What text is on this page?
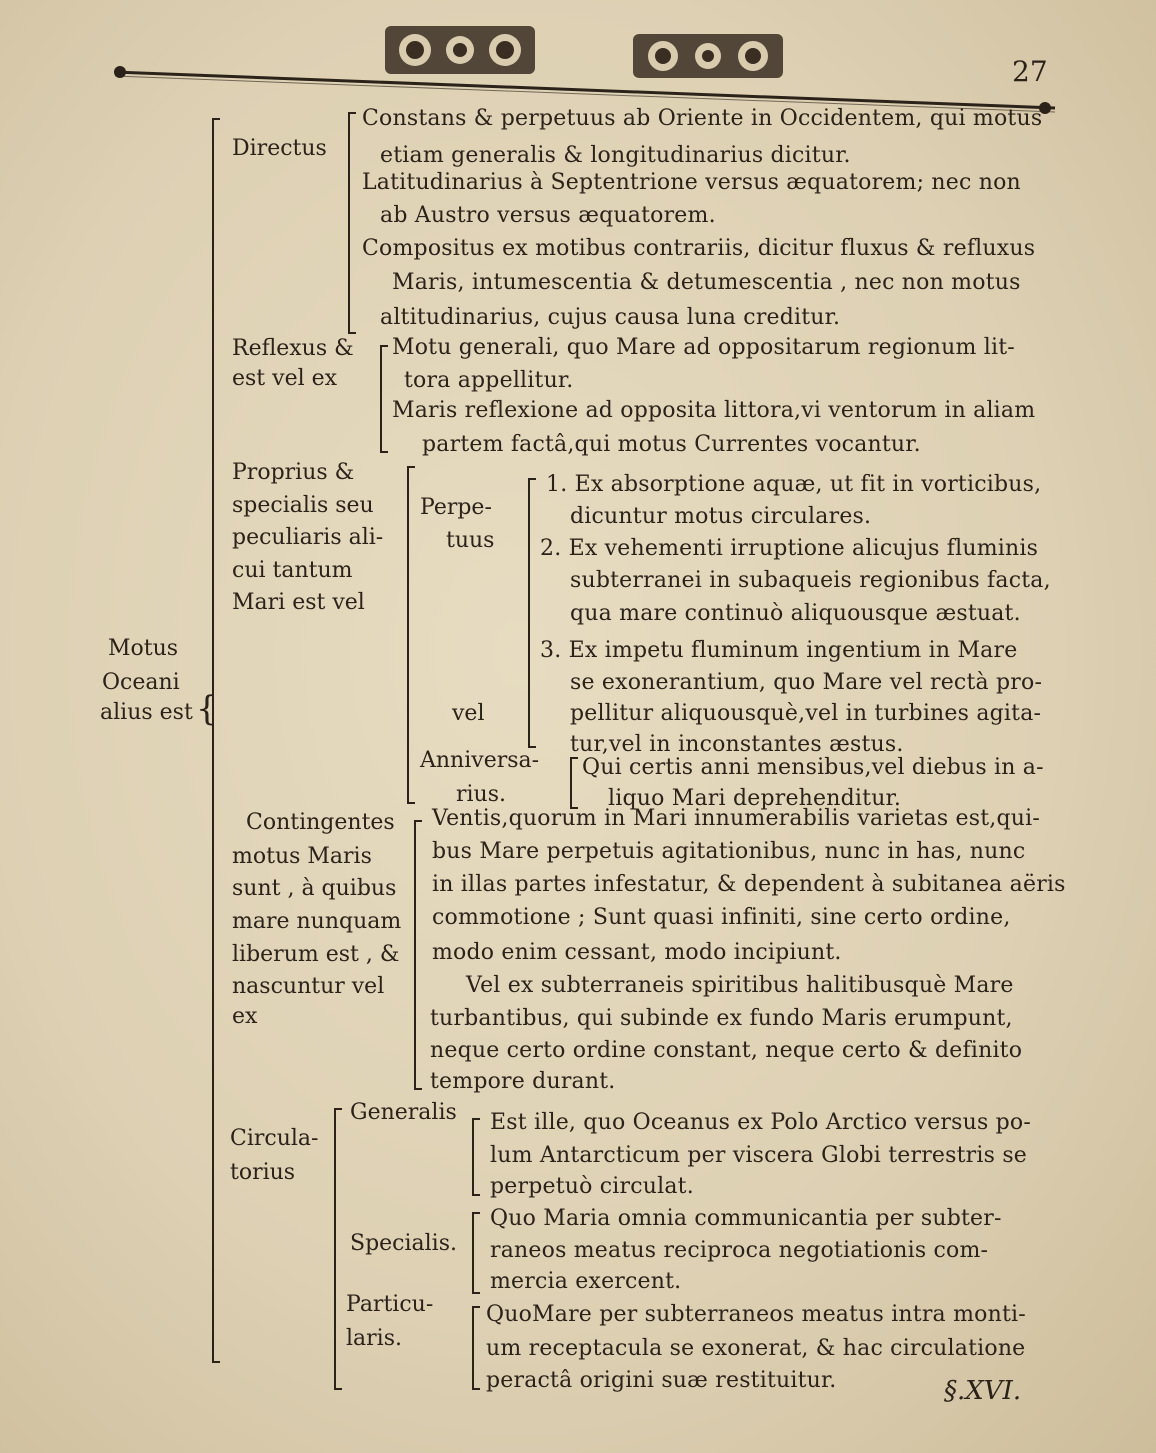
27
Motus
Oceani
alius est {
Directus
Constans & perpetuus ab Oriente in Occidentem, qui motus
etiam generalis & longitudinarius dicitur.
Latitudinarius à Septentrione versus æquatorem; nec non
ab Austro versus æquatorem.
Compositus ex motibus contrariis, dicitur fluxus & refluxus
Maris, intumescentia & detumescentia , nec non motus
altitudinarius, cujus causa luna creditur.
Reflexus &
est vel ex
Motu generali, quo Mare ad oppositarum regionum lit-
tora appellitur.
Maris reflexione ad opposita littora,vi ventorum in aliam
partem factâ,qui motus Currentes vocantur.
Proprius &
specialis seu
peculiaris ali-
cui tantum
Mari est vel
Perpe-
tuus
vel
1. Ex absorptione aquæ, ut fit in vorticibus,
dicuntur motus circulares.
2. Ex vehementi irruptione alicujus fluminis
subterranei in subaqueis regionibus facta,
qua mare continuò aliquousque æstuat.
3. Ex impetu fluminum ingentium in Mare
se exonerantium, quo Mare vel rectà pro-
pellitur aliquousquè,vel in turbines agita-
tur,vel in inconstantes æstus.
Anniversa-
rius.
Qui certis anni mensibus,vel diebus in a-
liquo Mari deprehenditur.
Contingentes
motus Maris
sunt , à quibus
mare nunquam
liberum est , &
nascuntur vel
ex
Ventis,quorum in Mari innumerabilis varietas est,qui-
bus Mare perpetuis agitationibus, nunc in has, nunc
in illas partes infestatur, & dependent à subitanea aëris
commotione ; Sunt quasi infiniti, sine certo ordine,
modo enim cessant, modo incipiunt.
Vel ex subterraneis spiritibus halitibusquè Mare
turbantibus, qui subinde ex fundo Maris erumpunt,
neque certo ordine constant, neque certo & definito
tempore durant.
Circula-
torius
Generalis Est ille, quo Oceanus ex Polo Arctico versus po-
lum Antarcticum per viscera Globi terrestris se
perpetuò circulat.
Specialis.
Quo Maria omnia communicantia per subter-
raneos meatus reciproca negotiationis com-
mercia exercent.
Particu-
laris.
QuoMare per subterraneos meatus intra monti-
um receptacula se exonerat, & hac circulatione
peractâ origini suæ restituitur.	§.XVI.
